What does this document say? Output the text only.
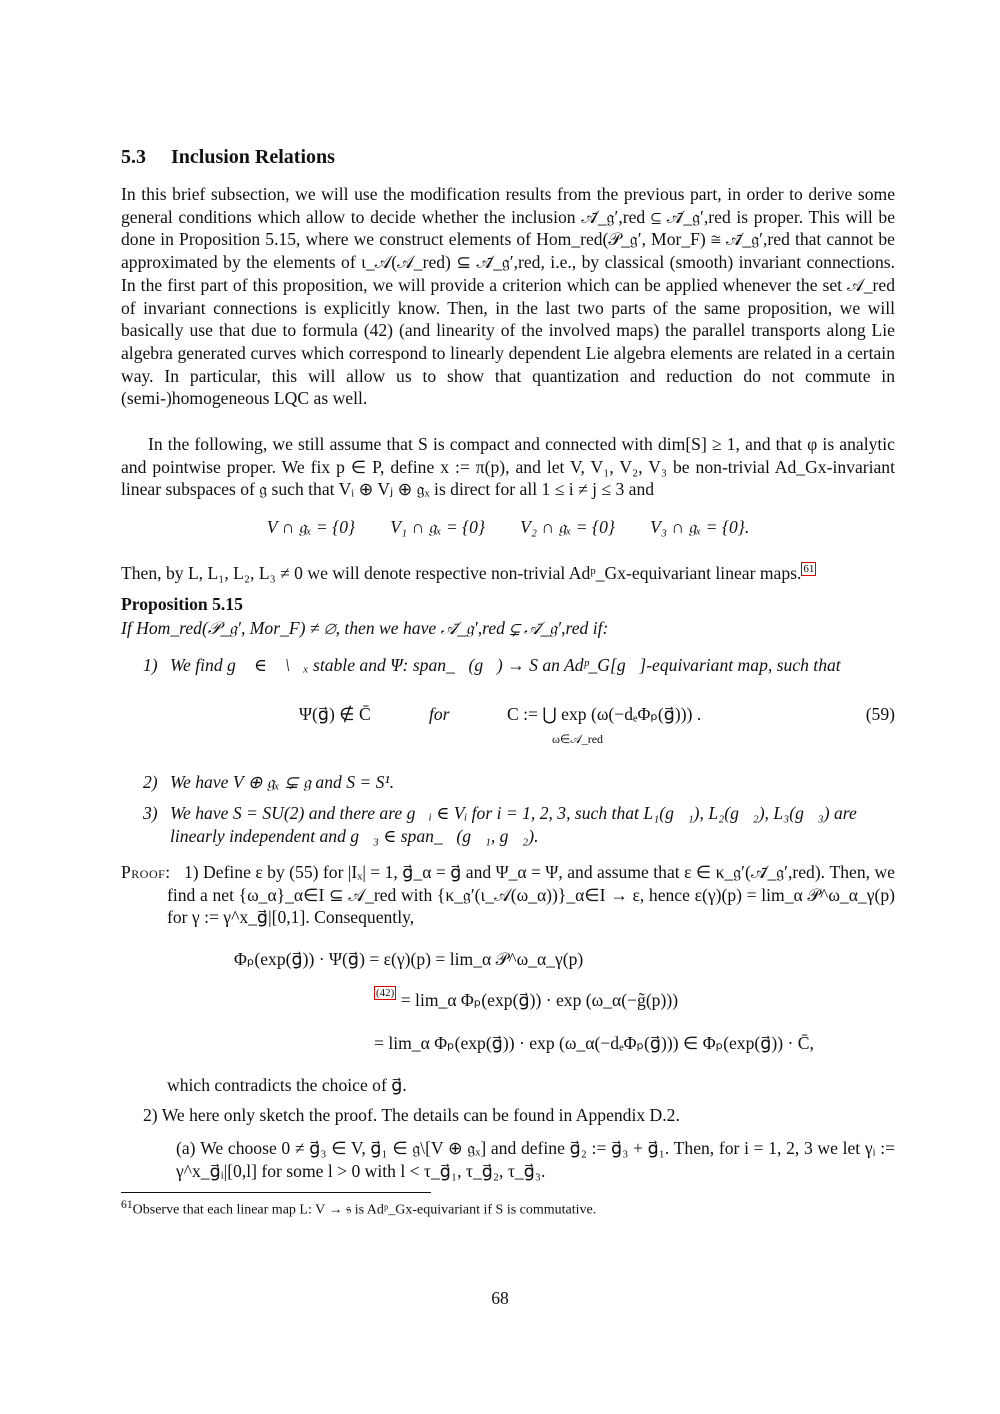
5.3 Inclusion Relations

In this brief subsection, we will use the modification results from the previous part, in order to derive some general conditions which allow to decide whether the inclusion 𝒜̄_𝔤′,red ⊆ 𝒜̄_𝔤′,red is proper. This will be done in Proposition 5.15, where we construct elements of Hom_red(𝒫_𝔤′, Mor_F) ≅ 𝒜̄_𝔤′,red that cannot be approximated by the elements of ι_𝒜(𝒜_red) ⊆ 𝒜̄_𝔤′,red, i.e., by classical (smooth) invariant connections. In the first part of this proposition, we will provide a criterion which can be applied whenever the set 𝒜_red of invariant connections is explicitly know. Then, in the last two parts of the same proposition, we will basically use that due to formula (42) (and linearity of the involved maps) the parallel transports along Lie algebra generated curves which correspond to linearly dependent Lie algebra elements are related in a certain way. In particular, this will allow us to show that quantization and reduction do not commute in (semi-)homogeneous LQC as well.

In the following, we still assume that S is compact and connected with dim[S] ≥ 1, and that φ is analytic and pointwise proper. We fix p ∈ P, define x := π(p), and let V, V₁, V₂, V₃ be non-trivial Ad_Gx-invariant linear subspaces of 𝔤 such that Vᵢ ⊕ Vⱼ ⊕ 𝔤ₓ is direct for all 1 ≤ i ≠ j ≤ 3 and

V ∩ 𝔤ₓ = {0}        V₁ ∩ 𝔤ₓ = {0}        V₂ ∩ 𝔤ₓ = {0}        V₃ ∩ 𝔤ₓ = {0}.

Then, by L, L₁, L₂, L₃ ≠ 0 we will denote respective non-trivial Adᵖ_Gx-equivariant linear maps. $^{61}$

Proposition 5.15
If Hom_red(𝒫_𝔤′, Mor_F) ≠ ∅, then we have 𝒜̄_𝔤′,red ⊊ 𝒜̄_𝔤′,red if:
1) We find g⃗ ∈ 𝔤\𝔤ₓ stable and Ψ: span_ℝ(g⃗) → S an Adᵖ_G[g⃗]-equivariant map, such that
Ψ(g⃗) ∉ C̄	for	C := ⋃ exp (ω(−dₑΦₚ(g⃗))) .
ω∈𝒜_red
(59)
2) We have V ⊕ 𝔤ₓ ⊊ 𝔤 and S = S¹.
3) We have S = SU(2) and there are g⃗ᵢ ∈ Vᵢ for i = 1, 2, 3, such that L₁(g⃗₁), L₂(g⃗₂), L₃(g⃗₃) are
linearly independent and g⃗₃ ∈ span_ℝ(g⃗₁, g⃗₂).
Proof: 1) Define ε by (55) for |Iₓ| = 1, g⃗_α = g⃗ and Ψ_α = Ψ, and assume that ε ∈ κ_𝔤′(𝒜̄_𝔤′,red). Then, we find a net {ω_α}_α∈I ⊆ 𝒜_red with {κ_𝔤′(ι_𝒜(ω_α))}_α∈I → ε, hence ε(γ)(p) = lim_α 𝒫^ω_α_γ(p) for γ := γ^x_g⃗|[0,1]. Consequently,
Φₚ(exp(g⃗)) · Ψ(g⃗) = ε(γ)(p) = lim_α 𝒫^ω_α_γ(p)
$^{(42)}$ = lim_α Φₚ(exp(g⃗)) · exp (ω_α(−g̃(p)))
= lim_α Φₚ(exp(g⃗)) · exp (ω_α(−dₑΦₚ(g⃗))) ∈ Φₚ(exp(g⃗)) · C̄,
which contradicts the choice of g⃗.
2) We here only sketch the proof. The details can be found in Appendix D.2.
(a) We choose 0 ≠ g⃗₃ ∈ V, g⃗₁ ∈ 𝔤\[V ⊕ 𝔤ₓ] and define g⃗₂ := g⃗₃ + g⃗₁. Then, for i = 1, 2, 3 we let γᵢ := γ^x_g⃗ᵢ|[0,l] for some l > 0 with l < τ_g⃗₁, τ_g⃗₂, τ_g⃗₃.
$^{61}$Observe that each linear map L: V → 𝔰 is Adᵖ_Gx-equivariant if S is commutative.
68
